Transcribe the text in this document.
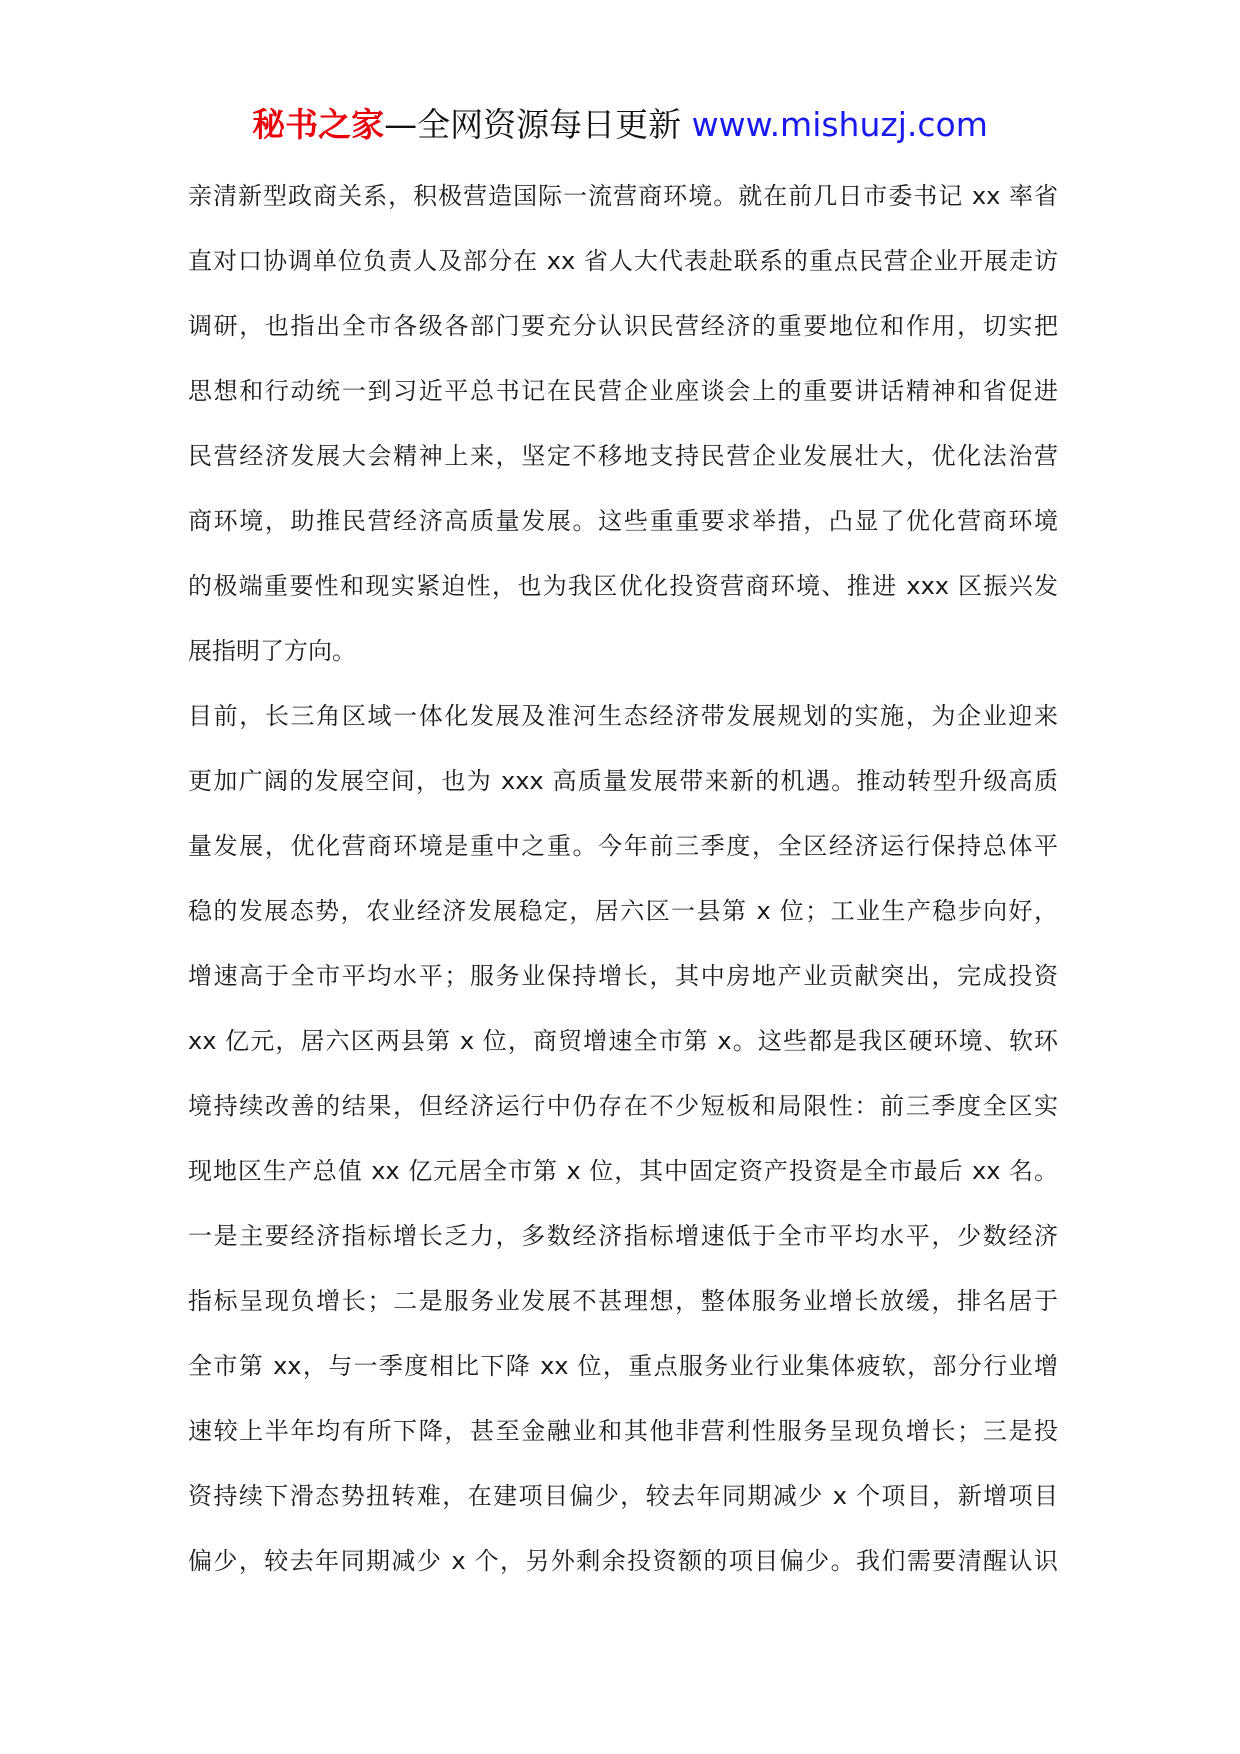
秘书之家—全网资源每日更新 www.mishuzj.com
亲清新型政商关系，积极营造国际一流营商环境。就在前几日市委书记 xx 率省
直对口协调单位负责人及部分在 xx 省人大代表赴联系的重点民营企业开展走访
调研，也指出全市各级各部门要充分认识民营经济的重要地位和作用，切实把
思想和行动统一到习近平总书记在民营企业座谈会上的重要讲话精神和省促进
民营经济发展大会精神上来，坚定不移地支持民营企业发展壮大，优化法治营
商环境，助推民营经济高质量发展。这些重重要求举措，凸显了优化营商环境
的极端重要性和现实紧迫性，也为我区优化投资营商环境、推进 xxx 区振兴发
展指明了方向。
目前，长三角区域一体化发展及淮河生态经济带发展规划的实施，为企业迎来
更加广阔的发展空间，也为 xxx 高质量发展带来新的机遇。推动转型升级高质
量发展，优化营商环境是重中之重。今年前三季度，全区经济运行保持总体平
稳的发展态势，农业经济发展稳定，居六区一县第 x 位；工业生产稳步向好，
增速高于全市平均水平；服务业保持增长，其中房地产业贡献突出，完成投资
xx 亿元，居六区两县第 x 位，商贸增速全市第 x。这些都是我区硬环境、软环
境持续改善的结果，但经济运行中仍存在不少短板和局限性：前三季度全区实
现地区生产总值 xx 亿元居全市第 x 位，其中固定资产投资是全市最后 xx 名。
一是主要经济指标增长乏力，多数经济指标增速低于全市平均水平，少数经济
指标呈现负增长；二是服务业发展不甚理想，整体服务业增长放缓，排名居于
全市第 xx，与一季度相比下降 xx 位，重点服务业行业集体疲软，部分行业增
速较上半年均有所下降，甚至金融业和其他非营利性服务呈现负增长；三是投
资持续下滑态势扭转难，在建项目偏少，较去年同期减少 x 个项目，新增项目
偏少，较去年同期减少 x 个，另外剩余投资额的项目偏少。我们需要清醒认识
